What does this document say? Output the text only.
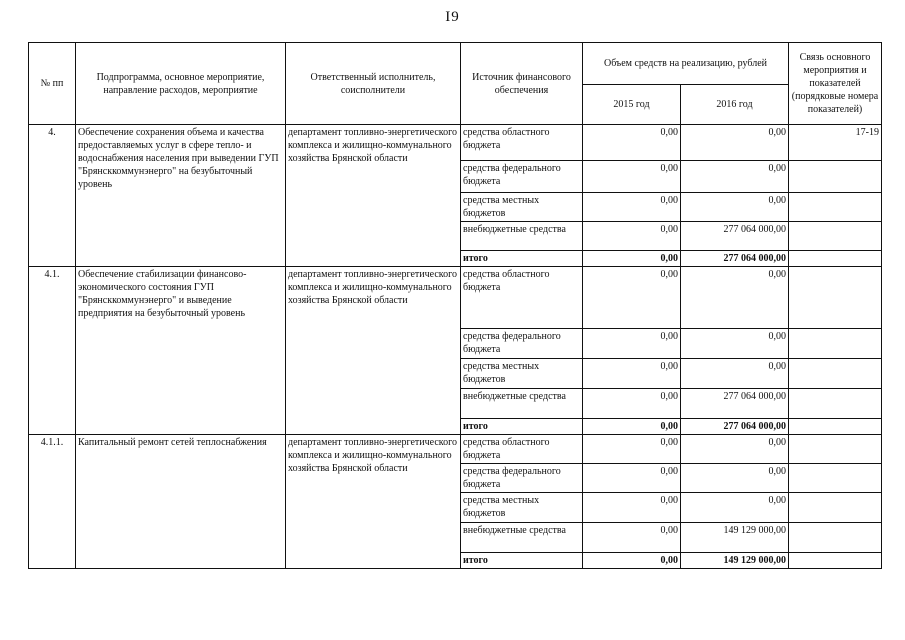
I9
№ пп	Подпрограмма, основное мероприятие, направление расходов, мероприятие	Ответственный исполнитель, соисполнители	Источник финансового обеспечения	Объем средств на реализацию, рублей		Связь основного мероприятия и показателей (порядковые номера показателей)
				2015 год	2016 год	
4.	Обеспечение сохранения объема и качества предоставляемых услуг в сфере тепло- и водоснабжения населения при выведении ГУП "Брянсккоммунэнерго" на безубыточный уровень	департамент топливно-энергетического комплекса и жилищно-коммунального хозяйства Брянской области	средства областного бюджета	0,00	0,00	17-19
			средства федерального бюджета	0,00	0,00	
			средства местных бюджетов	0,00	0,00	
			внебюджетные средства	0,00	277 064 000,00	
			итого	0,00	277 064 000,00	
4.1.	Обеспечение стабилизации финансово-экономического состояния ГУП "Брянсккоммунэнерго" и выведение предприятия на безубыточный уровень	департамент топливно-энергетического комплекса и жилищно-коммунального хозяйства Брянской области	средства областного бюджета	0,00	0,00	
			средства федерального бюджета	0,00	0,00	
			средства местных бюджетов	0,00	0,00	
			внебюджетные средства	0,00	277 064 000,00	
			итого	0,00	277 064 000,00	
4.1.1.	Капитальный ремонт сетей теплоснабжения	департамент топливно-энергетического комплекса и жилищно-коммунального хозяйства Брянской области	средства областного бюджета	0,00	0,00	
			средства федерального бюджета	0,00	0,00	
			средства местных бюджетов	0,00	0,00	
			внебюджетные средства	0,00	149 129 000,00	
			итого	0,00	149 129 000,00	
